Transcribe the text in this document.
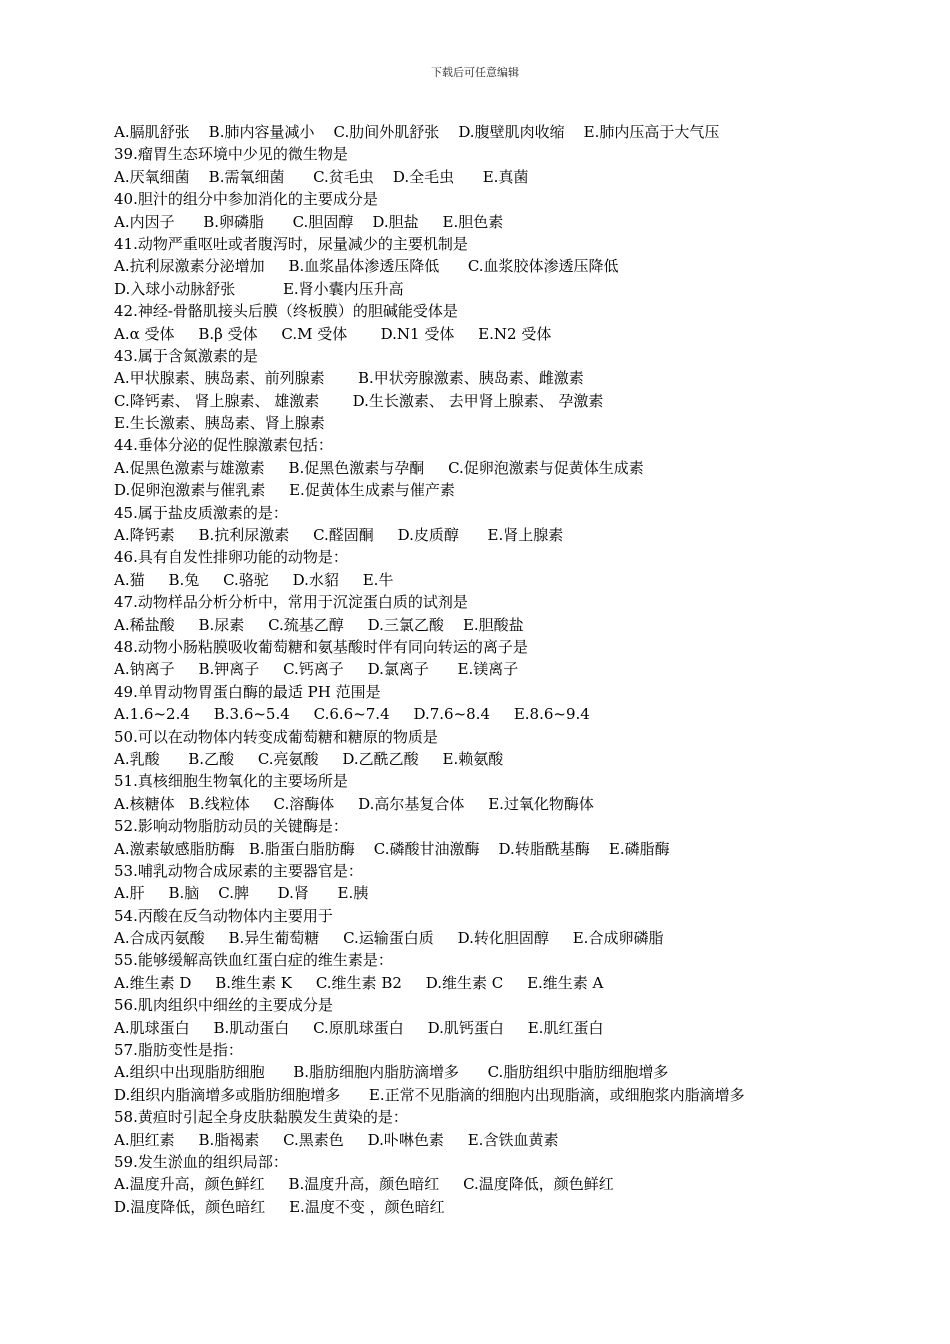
下载后可任意编辑
A.膈肌舒张    B.肺内容量减小    C.肋间外肌舒张    D.腹壁肌肉收缩    E.肺内压高于大气压
39.瘤胃生态环境中少见的微生物是
A.厌氧细菌    B.需氧细菌      C.贫毛虫    D.全毛虫      E.真菌
40.胆汁的组分中参加消化的主要成分是
A.内因子      B.卵磷脂      C.胆固醇    D.胆盐     E.胆色素
41.动物严重呕吐或者腹泻时，尿量减少的主要机制是
A.抗利尿激素分泌增加     B.血浆晶体渗透压降低      C.血浆胶体渗透压降低
D.入球小动脉舒张          E.肾小囊内压升高
42.神经-骨骼肌接头后膜（终板膜）的胆碱能受体是
A.α 受体     B.β 受体     C.M 受体       D.N1 受体     E.N2 受体
43.属于含氮激素的是
A.甲状腺素、胰岛素、前列腺素       B.甲状旁腺激素、胰岛素、雌激素
C.降钙素、 肾上腺素、 雄激素       D.生长激素、 去甲肾上腺素、 孕激素
E.生长激素、胰岛素、肾上腺素
44.垂体分泌的促性腺激素包括：
A.促黑色激素与雄激素     B.促黑色激素与孕酮     C.促卵泡激素与促黄体生成素
D.促卵泡激素与催乳素     E.促黄体生成素与催产素
45.属于盐皮质激素的是：
A.降钙素     B.抗利尿激素     C.醛固酮     D.皮质醇      E.肾上腺素
46.具有自发性排卵功能的动物是：
A.猫     B.兔     C.骆驼     D.水貂     E.牛
47.动物样品分析分析中，常用于沉淀蛋白质的试剂是
A.稀盐酸     B.尿素     C.巯基乙醇     D.三氯乙酸    E.胆酸盐
48.动物小肠粘膜吸收葡萄糖和氨基酸时伴有同向转运的离子是
A.钠离子     B.钾离子     C.钙离子     D.氯离子      E.镁离子
49.单胃动物胃蛋白酶的最适 PH 范围是
A.1.6~2.4     B.3.6~5.4     C.6.6~7.4     D.7.6~8.4     E.8.6~9.4
50.可以在动物体内转变成葡萄糖和糖原的物质是
A.乳酸      B.乙酸     C.亮氨酸     D.乙酰乙酸     E.赖氨酸
51.真核细胞生物氧化的主要场所是
A.核糖体   B.线粒体     C.溶酶体     D.高尔基复合体     E.过氧化物酶体
52.影响动物脂肪动员的关键酶是：
A.激素敏感脂肪酶   B.脂蛋白脂肪酶    C.磷酸甘油激酶    D.转脂酰基酶    E.磷脂酶
53.哺乳动物合成尿素的主要器官是：
A.肝     B.脑    C.脾      D.肾      E.胰
54.丙酸在反刍动物体内主要用于
A.合成丙氨酸     B.异生葡萄糖     C.运输蛋白质     D.转化胆固醇     E.合成卵磷脂
55.能够缓解高铁血红蛋白症的维生素是：
A.维生素 D     B.维生素 K     C.维生素 B2     D.维生素 C     E.维生素 A
56.肌肉组织中细丝的主要成分是
A.肌球蛋白     B.肌动蛋白     C.原肌球蛋白     D.肌钙蛋白     E.肌红蛋白
57.脂肪变性是指：
A.组织中出现脂肪细胞      B.脂肪细胞内脂肪滴增多      C.脂肪组织中脂肪细胞增多
D.组织内脂滴增多或脂肪细胞增多      E.正常不见脂滴的细胞内出现脂滴，或细胞浆内脂滴增多
58.黄疸时引起全身皮肤黏膜发生黄染的是：
A.胆红素     B.脂褐素     C.黑素色     D.卟啉色素     E.含铁血黄素
59.发生淤血的组织局部：
A.温度升高，颜色鲜红     B.温度升高，颜色暗红     C.温度降低，颜色鲜红
D.温度降低，颜色暗红     E.温度不变 ，颜色暗红
